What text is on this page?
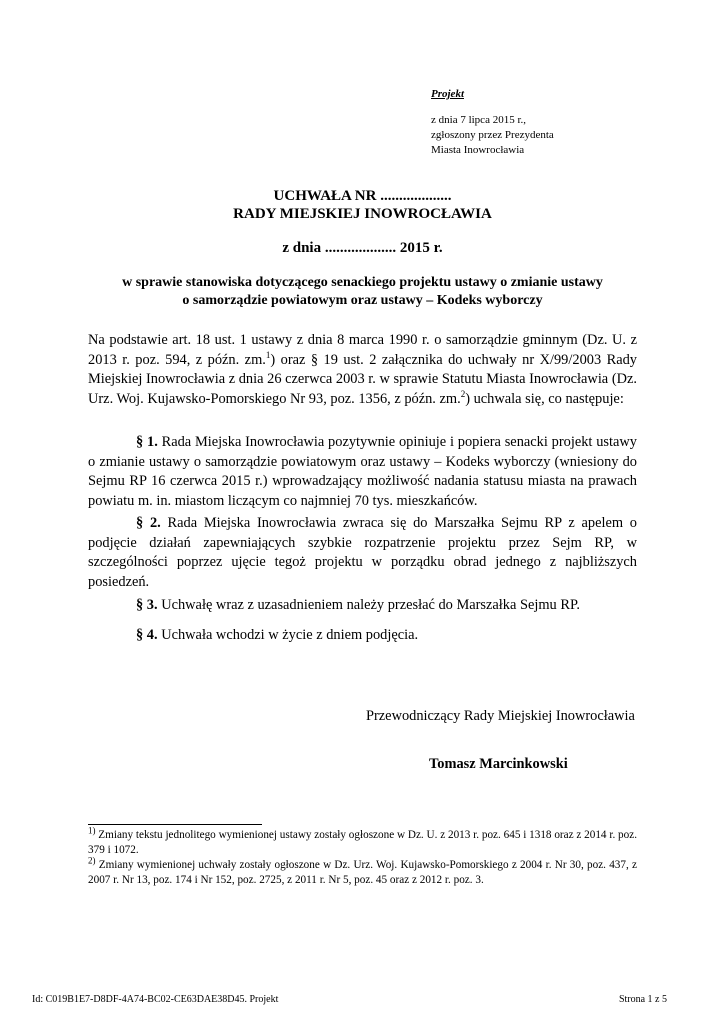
Projekt
z dnia 7 lipca 2015 r.,
zgłoszony przez Prezydenta
Miasta Inowrocławia
UCHWAŁA NR ...................
RADY MIEJSKIEJ INOWROCŁAWIA
z dnia ................... 2015 r.
w sprawie stanowiska dotyczącego senackiego projektu ustawy o zmianie ustawy
o samorządzie powiatowym oraz ustawy – Kodeks wyborczy
Na podstawie art. 18 ust. 1 ustawy z dnia 8 marca 1990 r. o samorządzie gminnym (Dz. U. z 2013 r. poz. 594, z późn. zm.$^1$) oraz § 19 ust. 2 załącznika do uchwały nr X/99/2003 Rady Miejskiej Inowrocławia z dnia 26 czerwca 2003 r. w sprawie Statutu Miasta Inowrocławia (Dz. Urz. Woj. Kujawsko-Pomorskiego Nr 93, poz. 1356, z późn. zm.$^2$) uchwala się, co następuje:
§ 1. Rada Miejska Inowrocławia pozytywnie opiniuje i popiera senacki projekt ustawy o zmianie ustawy o samorządzie powiatowym oraz ustawy – Kodeks wyborczy (wniesiony do Sejmu RP 16 czerwca 2015 r.) wprowadzający możliwość nadania statusu miasta na prawach powiatu m. in. miastom liczącym co najmniej 70 tys. mieszkańców.
§ 2. Rada Miejska Inowrocławia zwraca się do Marszałka Sejmu RP z apelem o podjęcie działań zapewniających szybkie rozpatrzenie projektu przez Sejm RP, w szczególności poprzez ujęcie tegoż projektu w porządku obrad jednego z najbliższych posiedzeń.
§ 3. Uchwałę wraz z uzasadnieniem należy przesłać do Marszałka Sejmu RP.
§ 4. Uchwała wchodzi w życie z dniem podjęcia.
Przewodniczący Rady Miejskiej Inowrocławia
Tomasz Marcinkowski
$^{1)}$ Zmiany tekstu jednolitego wymienionej ustawy zostały ogłoszone w Dz. U. z 2013 r. poz. 645 i 1318 oraz z 2014 r. poz. 379 i 1072.
$^{2)}$ Zmiany wymienionej uchwały zostały ogłoszone w Dz. Urz. Woj. Kujawsko-Pomorskiego z 2004 r. Nr 30, poz. 437, z 2007 r. Nr 13, poz. 174 i Nr 152, poz. 2725, z 2011 r. Nr 5, poz. 45 oraz z 2012 r. poz. 3.
Id: C019B1E7-D8DF-4A74-BC02-CE63DAE38D45. Projekt	Strona 1 z 5
